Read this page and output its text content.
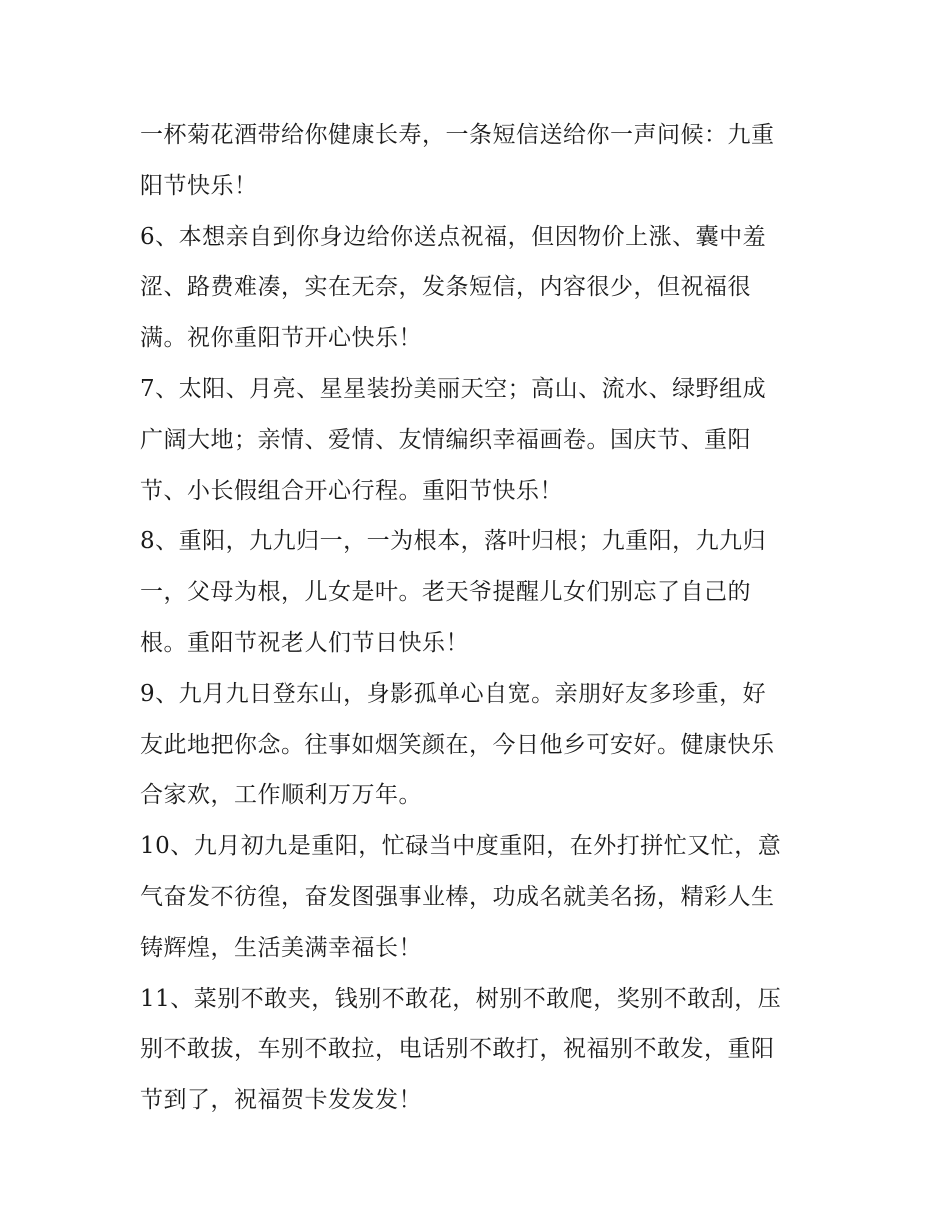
一杯菊花酒带给你健康长寿，一条短信送给你一声问候：九重
阳节快乐！
6、本想亲自到你身边给你送点祝福，但因物价上涨、囊中羞
涩、路费难凑，实在无奈，发条短信，内容很少，但祝福很
满。祝你重阳节开心快乐！
7、太阳、月亮、星星装扮美丽天空；高山、流水、绿野组成
广阔大地；亲情、爱情、友情编织幸福画卷。国庆节、重阳
节、小长假组合开心行程。重阳节快乐！
8、重阳，九九归一，一为根本，落叶归根；九重阳，九九归
一，父母为根，儿女是叶。老天爷提醒儿女们别忘了自己的
根。重阳节祝老人们节日快乐！
9、九月九日登东山，身影孤单心自宽。亲朋好友多珍重，好
友此地把你念。往事如烟笑颜在，今日他乡可安好。健康快乐
合家欢，工作顺利万万年。
10、九月初九是重阳，忙碌当中度重阳，在外打拼忙又忙，意
气奋发不彷徨，奋发图强事业棒，功成名就美名扬，精彩人生
铸辉煌，生活美满幸福长！
11、菜别不敢夹，钱别不敢花，树别不敢爬，奖别不敢刮，压
别不敢拔，车别不敢拉，电话别不敢打，祝福别不敢发，重阳
节到了，祝福贺卡发发发！
